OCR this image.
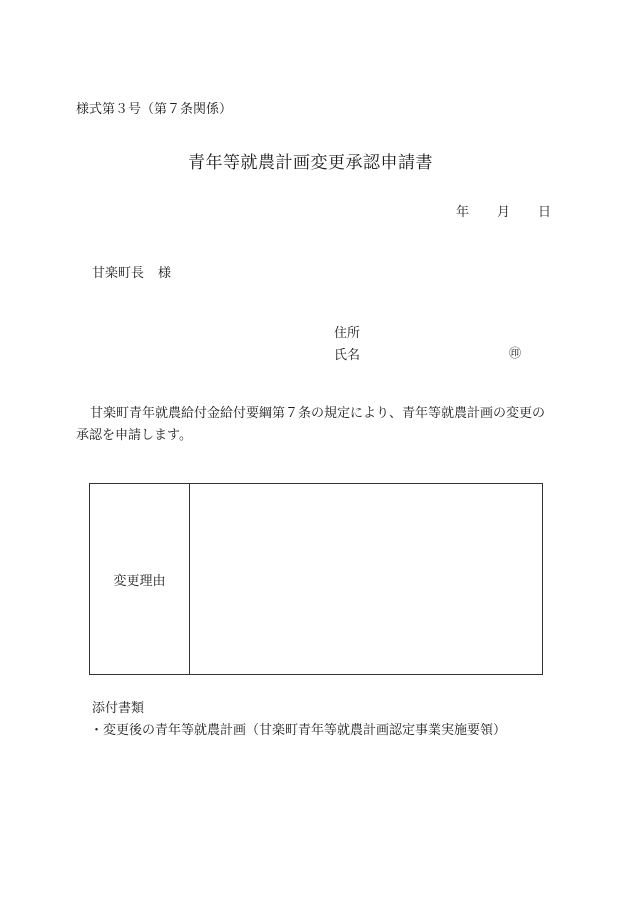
様式第３号（第７条関係）
青年等就農計画変更承認申請書
年 月 日
甘楽町長 様
住所
氏名	㊞
甘楽町青年就農給付金給付要綱第７条の規定により、青年等就農計画の変更の承認を申請します。
変更理由
添付書類
・変更後の青年等就農計画（甘楽町青年等就農計画認定事業実施要領）
